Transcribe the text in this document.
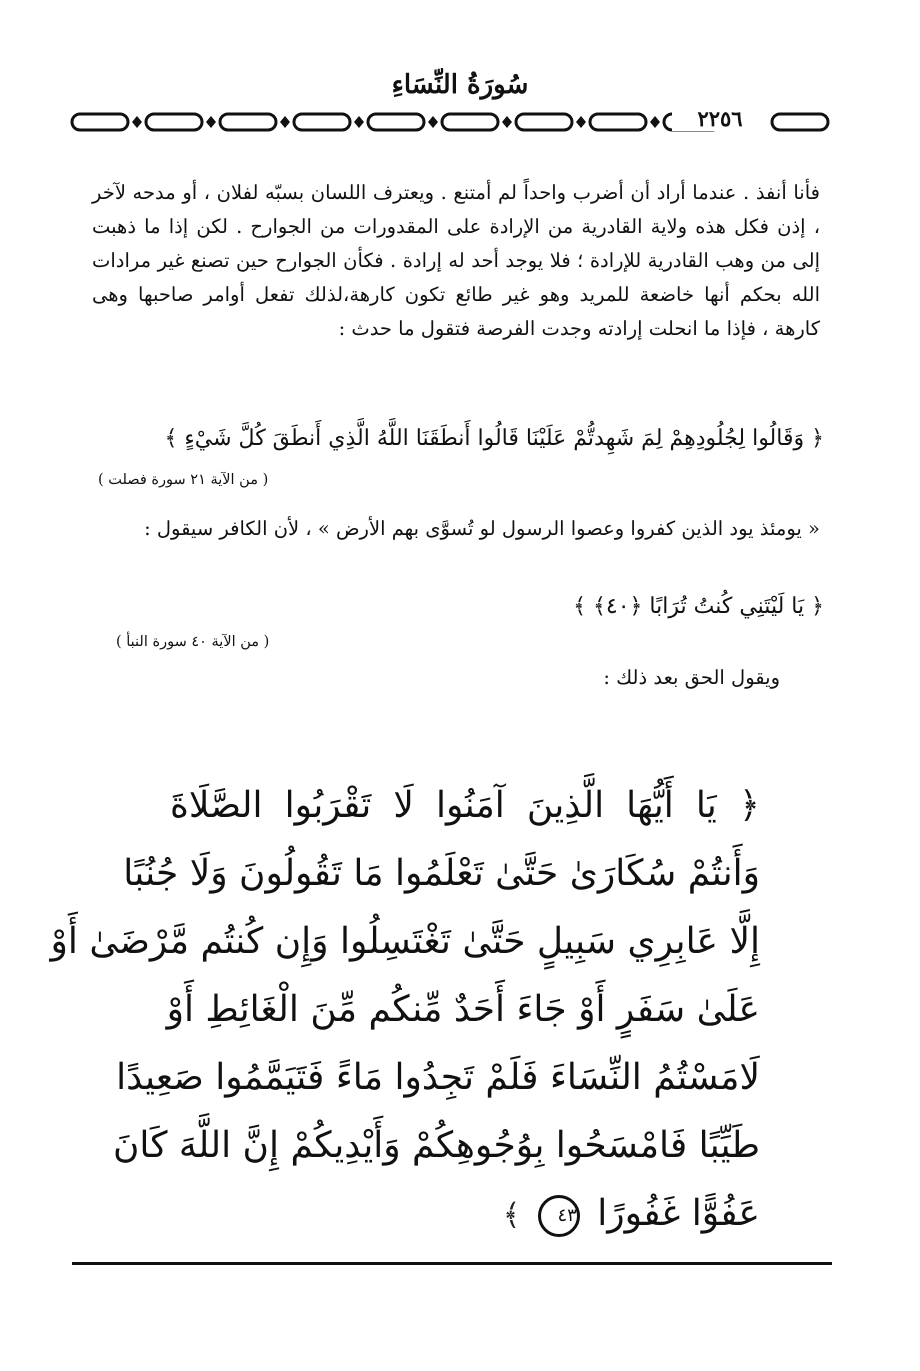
سُورَةُ النِّسَاءِ
٢٢٥٦
فأنا أنفذ . عندما أراد أن أضرب واحداً لم أمتنع . ويعترف اللسان بسبّه لفلان ، أو مدحه لآخر ، إذن فكل هذه ولاية القادرية من الإرادة على المقدورات من الجوارح . لكن إذا ما ذهبت إلى من وهب القادرية للإرادة ؛ فلا يوجد أحد له إرادة . فكأن الجوارح حين تصنع غير مرادات الله بحكم أنها خاضعة للمريد وهو غير طائع تكون كارهة،لذلك تفعل أوامر صاحبها وهى كارهة ، فإذا ما انحلت إرادته وجدت الفرصة فتقول ما حدث :
﴿ وَقَالُوا لِجُلُودِهِمْ لِمَ شَهِدتُّمْ عَلَيْنَا قَالُوا أَنطَقَنَا اللَّهُ الَّذِي أَنطَقَ كُلَّ شَيْءٍ ﴾
( من الآية ٢١ سورة فصلت )
« يومئذ يود الذين كفروا وعصوا الرسول لو تُسوَّى بهم الأرض » ، لأن الكافر سيقول :
﴿ يَا لَيْتَنِي كُنتُ تُرَابًا ﴿٤٠﴾ ﴾
( من الآية ٤٠ سورة النبأ )
ويقول الحق بعد ذلك :
﴿ يَا أَيُّهَا الَّذِينَ آمَنُوا لَا تَقْرَبُوا الصَّلَاةَ
وَأَنتُمْ سُكَارَىٰ حَتَّىٰ تَعْلَمُوا مَا تَقُولُونَ وَلَا جُنُبًا
إِلَّا عَابِرِي سَبِيلٍ حَتَّىٰ تَغْتَسِلُوا وَإِن كُنتُم مَّرْضَىٰ أَوْ
عَلَىٰ سَفَرٍ أَوْ جَاءَ أَحَدٌ مِّنكُم مِّنَ الْغَائِطِ أَوْ
لَامَسْتُمُ النِّسَاءَ فَلَمْ تَجِدُوا مَاءً فَتَيَمَّمُوا صَعِيدًا
طَيِّبًا فَامْسَحُوا بِوُجُوهِكُمْ وَأَيْدِيكُمْ إِنَّ اللَّهَ كَانَ
عَفُوًّا غَفُورًا ٤٣ ﴾
